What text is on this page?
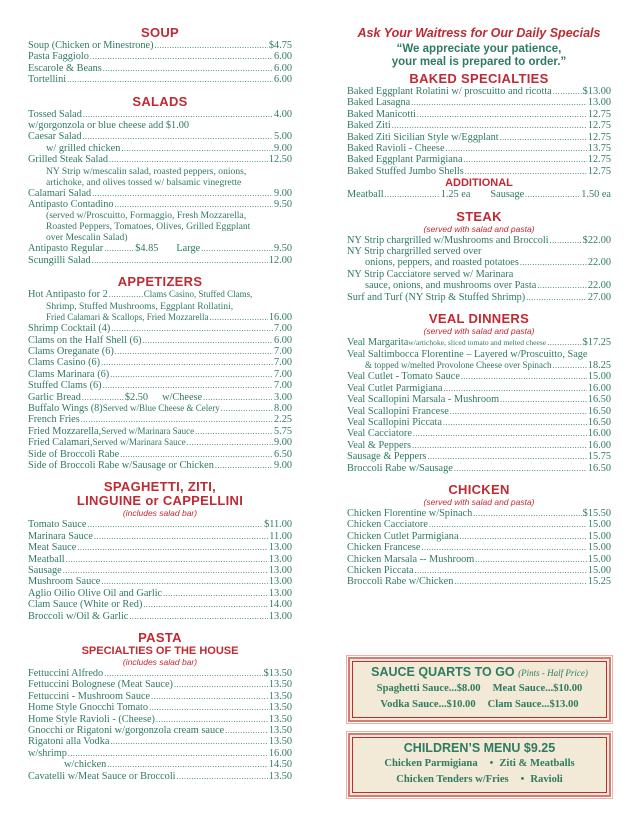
SOUP
Soup (Chicken or Minestrone) .....	$4.75
Pasta Faggiolo .....	6.00
Escarole & Beans .....	6.00
Tortellini .....	6.00
SALADS
Tossed Salad .....	4.00
w/gorgonzola or blue cheese add $1.00
Caesar Salad .....	5.00
w/ grilled chicken .....	9.00
Grilled Steak Salad .....	12.50
NY Strip w/mescalin salad, roasted peppers, onions,
artichoke, and olives tossed w/ balsamic vinegrette
Calamari Salad .....	9.00
Antipasto Contadino .....	9.50
(served w/Proscuitto, Formaggio, Fresh Mozzarella,
Roasted Peppers, Tomatoes, Olives, Grilled Eggplant
over Mescalin Salad)
Antipasto Regular .....	$4.85 Large .....	9.50
Scungilli Salad .....	12.00
APPETIZERS
Hot Antipasto for 2 .....	Clams Casino, Stuffed Clams,
Shrimp, Stuffed Mushrooms, Eggplant Rollatini,
Fried Calamari & Scallops, Fried Mozzarella .....	16.00
Shrimp Cocktail (4) .....	7.00
Clams on the Half Shell (6) .....	6.00
Clams Oreganate (6) .....	7.00
Clams Casino (6) .....	7.00
Clams Marinara (6) .....	7.00
Stuffed Clams (6) .....	7.00
Garlic Bread .....	$2.50 w/Cheese .....	3.00
Buffalo Wings (8) Served w/Blue Cheese & Celery .....	8.00
French Fries .....	2.25
Fried Mozzarella, Served w/Marinara Sauce .....	5.75
Fried Calamari, Served w/Marinara Sauce .....	9.00
Side of Broccoli Rabe .....	6.50
Side of Broccoli Rabe w/Sausage or Chicken .....	9.00
SPAGHETTI, ZITI,
LINGUINE or CAPPELLINI
(includes salad bar)
Tomato Sauce .....	$11.00
Marinara Sauce .....	11.00
Meat Sauce .....	13.00
Meatball .....	13.00
Sausage .....	13.00
Mushroom Sauce .....	13.00
Aglio Oilio Olive Oil and Garlic .....	13.00
Clam Sauce (White or Red) .....	14.00
Broccoli w/Oil & Garlic .....	13.00
PASTA
SPECIALTIES OF THE HOUSE
(includes salad bar)
Fettuccini Alfredo .....	$13.50
Fettuccini Bolognese (Meat Sauce) .....	13.50
Fettuccini - Mushroom Sauce .....	13.50
Home Style Gnocchi Tomato .....	13.50
Home Style Ravioli - (Cheese) .....	13.50
Gnocchi or Rigatoni w/gorgonzola cream sauce .....	13.50
Rigatoni alla Vodka .....	13.50
w/shrimp .....	16.00
w/chicken .....	14.50
Cavatelli w/Meat Sauce or Broccoli .....	13.50
Ask Your Waitress for Our Daily Specials
“We appreciate your patience,
your meal is prepared to order.”
BAKED SPECIALTIES
Baked Eggplant Rolatini w/ proscuitto and ricotta .....	$13.00
Baked Lasagna .....	13.00
Baked Manicotti .....	12.75
Baked Ziti .....	12.75
Baked Ziti Sicilian Style w/Eggplant .....	12.75
Baked Ravioli - Cheese .....	13.75
Baked Eggplant Parmigiana .....	12.75
Baked Stuffed Jumbo Shells .....	12.75
ADDITIONAL
Meatball .....	1.25 ea Sausage .....	1.50 ea
STEAK
(served with salad and pasta)
NY Strip chargrilled w/Mushrooms and Broccoli .....	$22.00
NY Strip chargrilled served over
onions, peppers, and roasted potatoes .....	22.00
NY Strip Cacciatore served w/ Marinara
sauce, onions, and mushrooms over Pasta .....	22.00
Surf and Turf (NY Strip & Stuffed Shrimp) .....	27.00
VEAL DINNERS
(served with salad and pasta)
Veal Margarita w/artichoke, sliced tomato and melted cheese .....	$17.25
Veal Saltimbocca Florentine – Layered w/Proscuitto, Sage
& topped w/melted Provolone Cheese over Spinach .....	18.25
Veal Cutlet - Tomato Sauce .....	15.00
Veal Cutlet Parmigiana .....	16.00
Veal Scallopini Marsala - Mushroom .....	16.50
Veal Scallopini Francese .....	16.50
Veal Scallopini Piccata .....	16.50
Veal Cacciatore .....	16.00
Veal & Peppers .....	16.00
Sausage & Peppers .....	15.75
Broccoli Rabe w/Sausage .....	16.50
CHICKEN
(served with salad and pasta)
Chicken Florentine w/Spinach .....	$15.50
Chicken Cacciatore .....	15.00
Chicken Cutlet Parmigiana .....	15.00
Chicken Francese .....	15.00
Chicken Marsala -- Mushroom .....	15.00
Chicken Piccata .....	15.00
Broccoli Rabe w/Chicken .....	15.25
SAUCE QUARTS TO GO (Pints - Half Price)
Spaghetti Sauce...$8.00 Meat Sauce...$10.00
Vodka Sauce...$10.00 Clam Sauce...$13.00
CHILDREN’S MENU $9.25
Chicken Parmigiana • Ziti & Meatballs
Chicken Tenders w/Fries • Ravioli
